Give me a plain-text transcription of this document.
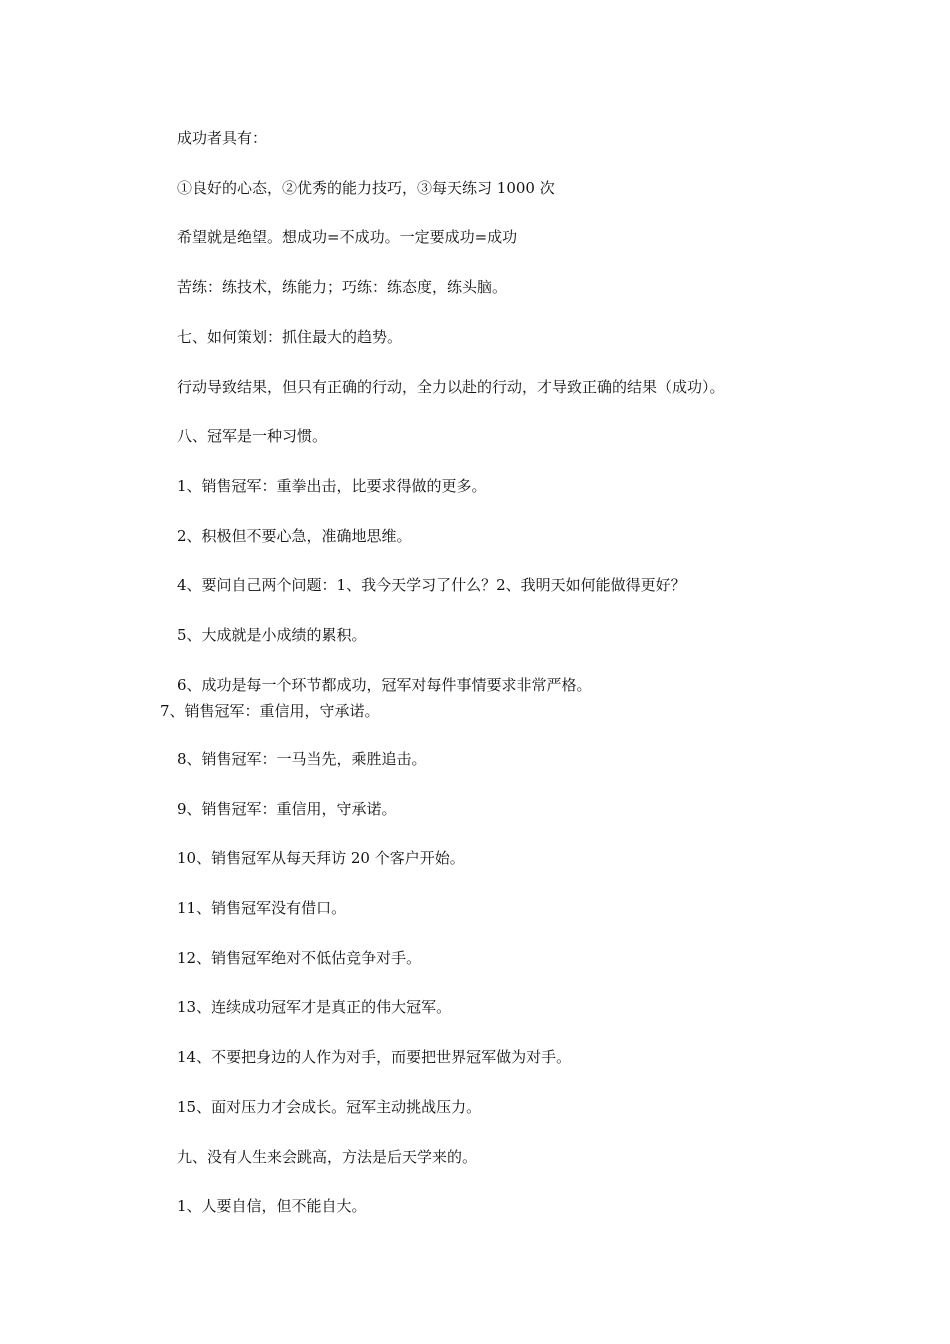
成功者具有：
①良好的心态，②优秀的能力技巧，③每天练习 1000 次
希望就是绝望。想成功=不成功。一定要成功=成功
苦练：练技术，练能力；巧练：练态度，练头脑。
七、如何策划：抓住最大的趋势。
行动导致结果，但只有正确的行动，全力以赴的行动，才导致正确的结果（成功）。
八、冠军是一种习惯。
1、销售冠军：重拳出击，比要求得做的更多。
2、积极但不要心急，准确地思维。
4、要问自己两个问题：1、我今天学习了什么？2、我明天如何能做得更好？
5、大成就是小成绩的累积。
6、成功是每一个环节都成功，冠军对每件事情要求非常严格。
7、销售冠军：重信用，守承诺。
8、销售冠军：一马当先，乘胜追击。
9、销售冠军：重信用，守承诺。
10、销售冠军从每天拜访 20 个客户开始。
11、销售冠军没有借口。
12、销售冠军绝对不低估竞争对手。
13、连续成功冠军才是真正的伟大冠军。
14、不要把身边的人作为对手，而要把世界冠军做为对手。
15、面对压力才会成长。冠军主动挑战压力。
九、没有人生来会跳高，方法是后天学来的。
1、人要自信，但不能自大。
